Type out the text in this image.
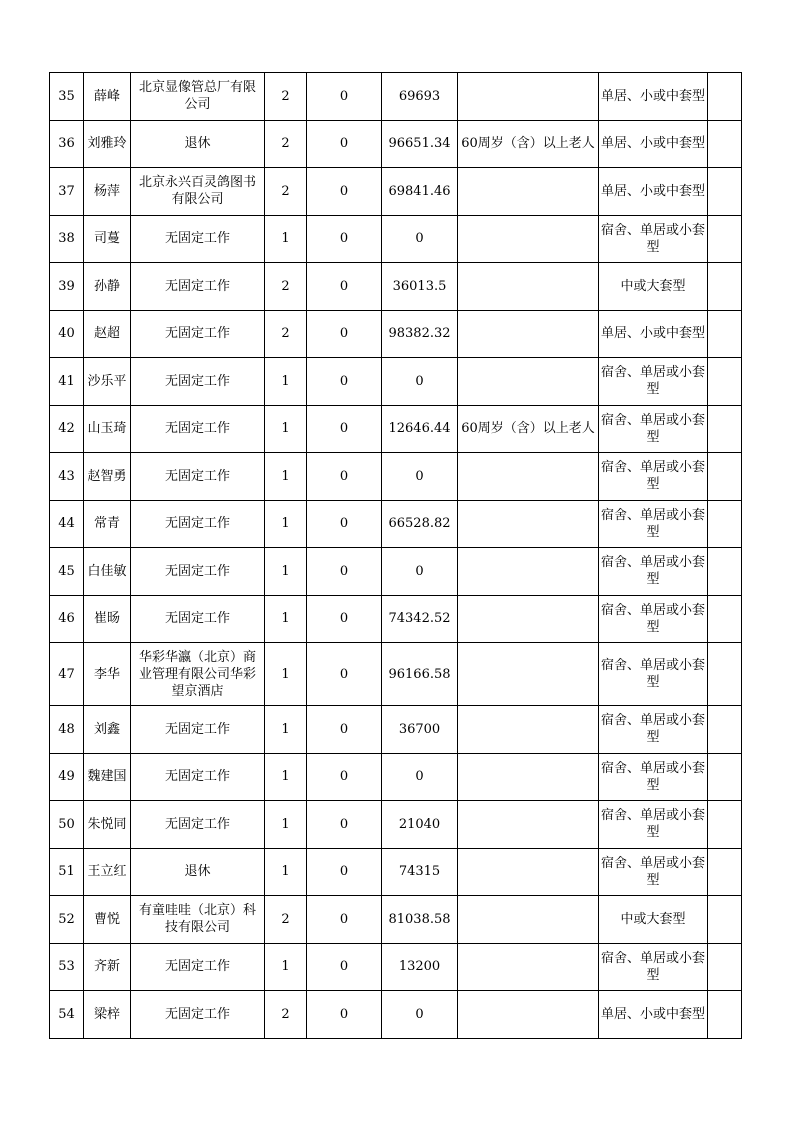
35	薛峰	北京显像管总厂有限公司	2	0	69693		单居、小或中套型	
36	刘雅玲	退休	2	0	96651.34	60周岁（含）以上老人	单居、小或中套型	
37	杨萍	北京永兴百灵鸽图书有限公司	2	0	69841.46		单居、小或中套型	
38	司蔓	无固定工作	1	0	0		宿舍、单居或小套型	
39	孙静	无固定工作	2	0	36013.5		中或大套型	
40	赵超	无固定工作	2	0	98382.32		单居、小或中套型	
41	沙乐平	无固定工作	1	0	0		宿舍、单居或小套型	
42	山玉琦	无固定工作	1	0	12646.44	60周岁（含）以上老人	宿舍、单居或小套型	
43	赵智勇	无固定工作	1	0	0		宿舍、单居或小套型	
44	常青	无固定工作	1	0	66528.82		宿舍、单居或小套型	
45	白佳敏	无固定工作	1	0	0		宿舍、单居或小套型	
46	崔旸	无固定工作	1	0	74342.52		宿舍、单居或小套型	
47	李华	华彩华瀛（北京）商业管理有限公司华彩望京酒店	1	0	96166.58		宿舍、单居或小套型	
48	刘鑫	无固定工作	1	0	36700		宿舍、单居或小套型	
49	魏建国	无固定工作	1	0	0		宿舍、单居或小套型	
50	朱悦同	无固定工作	1	0	21040		宿舍、单居或小套型	
51	王立红	退休	1	0	74315		宿舍、单居或小套型	
52	曹悦	有童哇哇（北京）科技有限公司	2	0	81038.58		中或大套型	
53	齐新	无固定工作	1	0	13200		宿舍、单居或小套型	
54	梁梓	无固定工作	2	0	0		单居、小或中套型	
